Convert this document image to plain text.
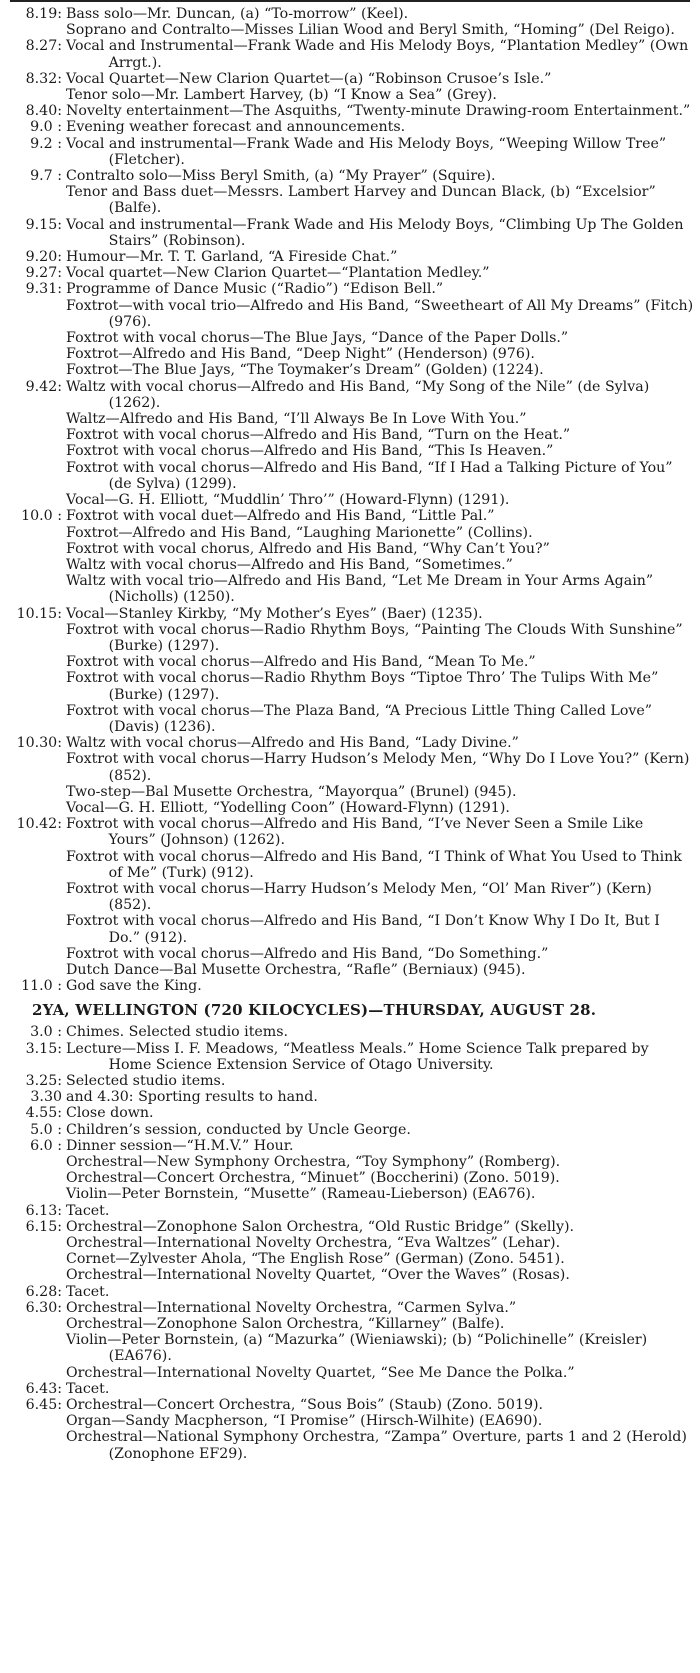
8.19: Bass solo—Mr. Duncan, (a) “To-morrow” (Keel).
Soprano and Contralto—Misses Lilian Wood and Beryl Smith, “Homing” (Del Reigo).
8.27: Vocal and Instrumental—Frank Wade and His Melody Boys, “Plantation Medley” (Own Arrgt.).
8.32: Vocal Quartet—New Clarion Quartet—(a) “Robinson Crusoe’s Isle.”
Tenor solo—Mr. Lambert Harvey, (b) “I Know a Sea” (Grey).
8.40: Novelty entertainment—The Asquiths, “Twenty-minute Drawing-room Entertainment.”
9.0 : Evening weather forecast and announcements.
9.2 : Vocal and instrumental—Frank Wade and His Melody Boys, “Weeping Willow Tree” (Fletcher).
9.7 : Contralto solo—Miss Beryl Smith, (a) “My Prayer” (Squire).
Tenor and Bass duet—Messrs. Lambert Harvey and Duncan Black, (b) “Excelsior” (Balfe).
9.15: Vocal and instrumental—Frank Wade and His Melody Boys, “Climbing Up The Golden Stairs” (Robinson).
9.20: Humour—Mr. T. T. Garland, “A Fireside Chat.”
9.27: Vocal quartet—New Clarion Quartet—“Plantation Medley.”
9.31: Programme of Dance Music (“Radio”) “Edison Bell.”
Foxtrot—with vocal trio—Alfredo and His Band, “Sweetheart of All My Dreams” (Fitch) (976).
Foxtrot with vocal chorus—The Blue Jays, “Dance of the Paper Dolls.”
Foxtrot—Alfredo and His Band, “Deep Night” (Henderson) (976).
Foxtrot—The Blue Jays, “The Toymaker’s Dream” (Golden) (1224).
9.42: Waltz with vocal chorus—Alfredo and His Band, “My Song of the Nile” (de Sylva) (1262).
Waltz—Alfredo and His Band, “I’ll Always Be In Love With You.”
Foxtrot with vocal chorus—Alfredo and His Band, “Turn on the Heat.”
Foxtrot with vocal chorus—Alfredo and His Band, “This Is Heaven.”
Foxtrot with vocal chorus—Alfredo and His Band, “If I Had a Talking Picture of You” (de Sylva) (1299).
Vocal—G. H. Elliott, “Muddlin’ Thro’” (Howard-Flynn) (1291).
10.0 : Foxtrot with vocal duet—Alfredo and His Band, “Little Pal.”
Foxtrot—Alfredo and His Band, “Laughing Marionette” (Collins).
Foxtrot with vocal chorus, Alfredo and His Band, “Why Can’t You?”
Waltz with vocal chorus—Alfredo and His Band, “Sometimes.”
Waltz with vocal trio—Alfredo and His Band, “Let Me Dream in Your Arms Again” (Nicholls) (1250).
10.15: Vocal—Stanley Kirkby, “My Mother’s Eyes” (Baer) (1235).
Foxtrot with vocal chorus—Radio Rhythm Boys, “Painting The Clouds With Sunshine” (Burke) (1297).
Foxtrot with vocal chorus—Alfredo and His Band, “Mean To Me.”
Foxtrot with vocal chorus—Radio Rhythm Boys “Tiptoe Thro’ The Tulips With Me” (Burke) (1297).
Foxtrot with vocal chorus—The Plaza Band, “A Precious Little Thing Called Love” (Davis) (1236).
10.30: Waltz with vocal chorus—Alfredo and His Band, “Lady Divine.”
Foxtrot with vocal chorus—Harry Hudson’s Melody Men, “Why Do I Love You?” (Kern) (852).
Two-step—Bal Musette Orchestra, “Mayorqua” (Brunel) (945).
Vocal—G. H. Elliott, “Yodelling Coon” (Howard-Flynn) (1291).
10.42: Foxtrot with vocal chorus—Alfredo and His Band, “I’ve Never Seen a Smile Like Yours” (Johnson) (1262).
Foxtrot with vocal chorus—Alfredo and His Band, “I Think of What You Used to Think of Me” (Turk) (912).
Foxtrot with vocal chorus—Harry Hudson’s Melody Men, “Ol’ Man River”) (Kern) (852).
Foxtrot with vocal chorus—Alfredo and His Band, “I Don’t Know Why I Do It, But I Do.” (912).
Foxtrot with vocal chorus—Alfredo and His Band, “Do Something.”
Dutch Dance—Bal Musette Orchestra, “Rafle” (Berniaux) (945).
11.0 : God save the King.
2YA, WELLINGTON (720 KILOCYCLES)—THURSDAY, AUGUST 28.
3.0 : Chimes. Selected studio items.
3.15: Lecture—Miss I. F. Meadows, “Meatless Meals.” Home Science Talk prepared by Home Science Extension Service of Otago University.
3.25: Selected studio items.
3.30 and 4.30: Sporting results to hand.
4.55: Close down.
5.0 : Children’s session, conducted by Uncle George.
6.0 : Dinner session—“H.M.V.” Hour.
Orchestral—New Symphony Orchestra, “Toy Symphony” (Romberg).
Orchestral—Concert Orchestra, “Minuet” (Boccherini) (Zono. 5019).
Violin—Peter Bornstein, “Musette” (Rameau-Lieberson) (EA676).
6.13: Tacet.
6.15: Orchestral—Zonophone Salon Orchestra, “Old Rustic Bridge” (Skelly).
Orchestral—International Novelty Orchestra, “Eva Waltzes” (Lehar).
Cornet—Zylvester Ahola, “The English Rose” (German) (Zono. 5451).
Orchestral—International Novelty Quartet, “Over the Waves” (Rosas).
6.28: Tacet.
6.30: Orchestral—International Novelty Orchestra, “Carmen Sylva.”
Orchestral—Zonophone Salon Orchestra, “Killarney” (Balfe).
Violin—Peter Bornstein, (a) “Mazurka” (Wieniawski); (b) “Polichinelle” (Kreisler) (EA676).
Orchestral—International Novelty Quartet, “See Me Dance the Polka.”
6.43: Tacet.
6.45: Orchestral—Concert Orchestra, “Sous Bois” (Staub) (Zono. 5019).
Organ—Sandy Macpherson, “I Promise” (Hirsch-Wilhite) (EA690).
Orchestral—National Symphony Orchestra, “Zampa” Overture, parts 1 and 2 (Herold) (Zonophone EF29).
